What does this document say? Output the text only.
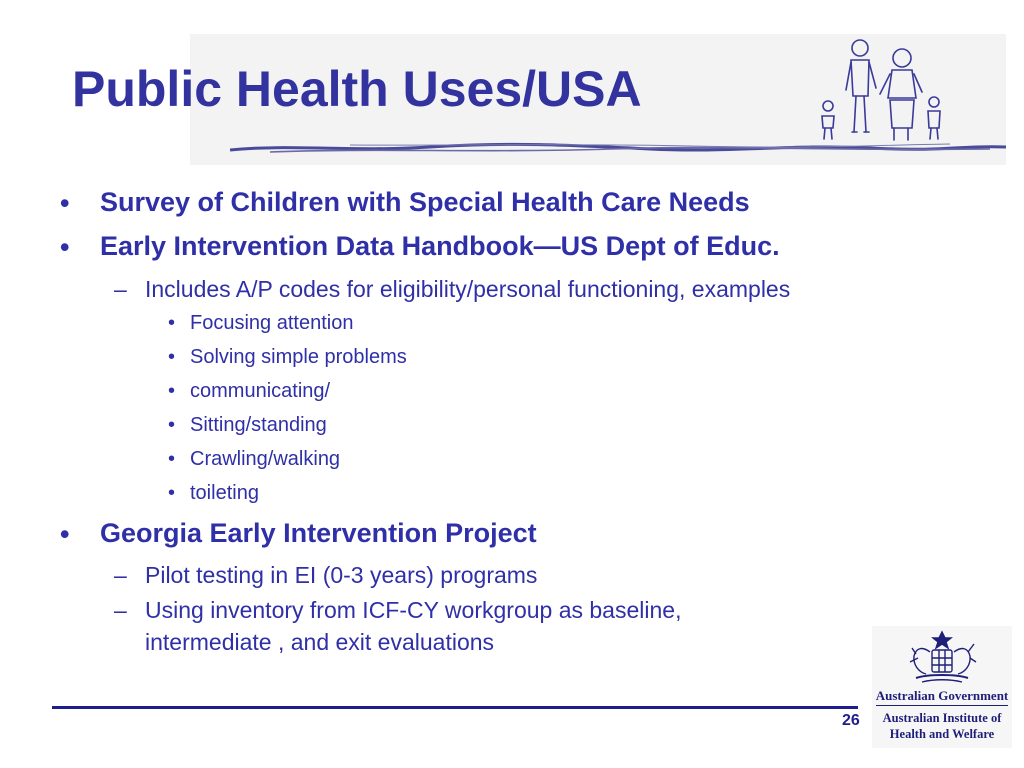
Public Health Uses/USA
• Survey of Children with Special Health Care Needs
• Early Intervention Data Handbook—US Dept of Educ.
– Includes A/P codes for eligibility/personal functioning, examples
• Focusing attention
• Solving simple problems
• communicating/
• Sitting/standing
• Crawling/walking
• toileting
• Georgia Early Intervention Project
– Pilot testing in EI (0-3 years) programs
– Using inventory from ICF-CY workgroup as baseline,
intermediate , and exit evaluations
Australian Government
Australian Institute of
Health and Welfare
26
